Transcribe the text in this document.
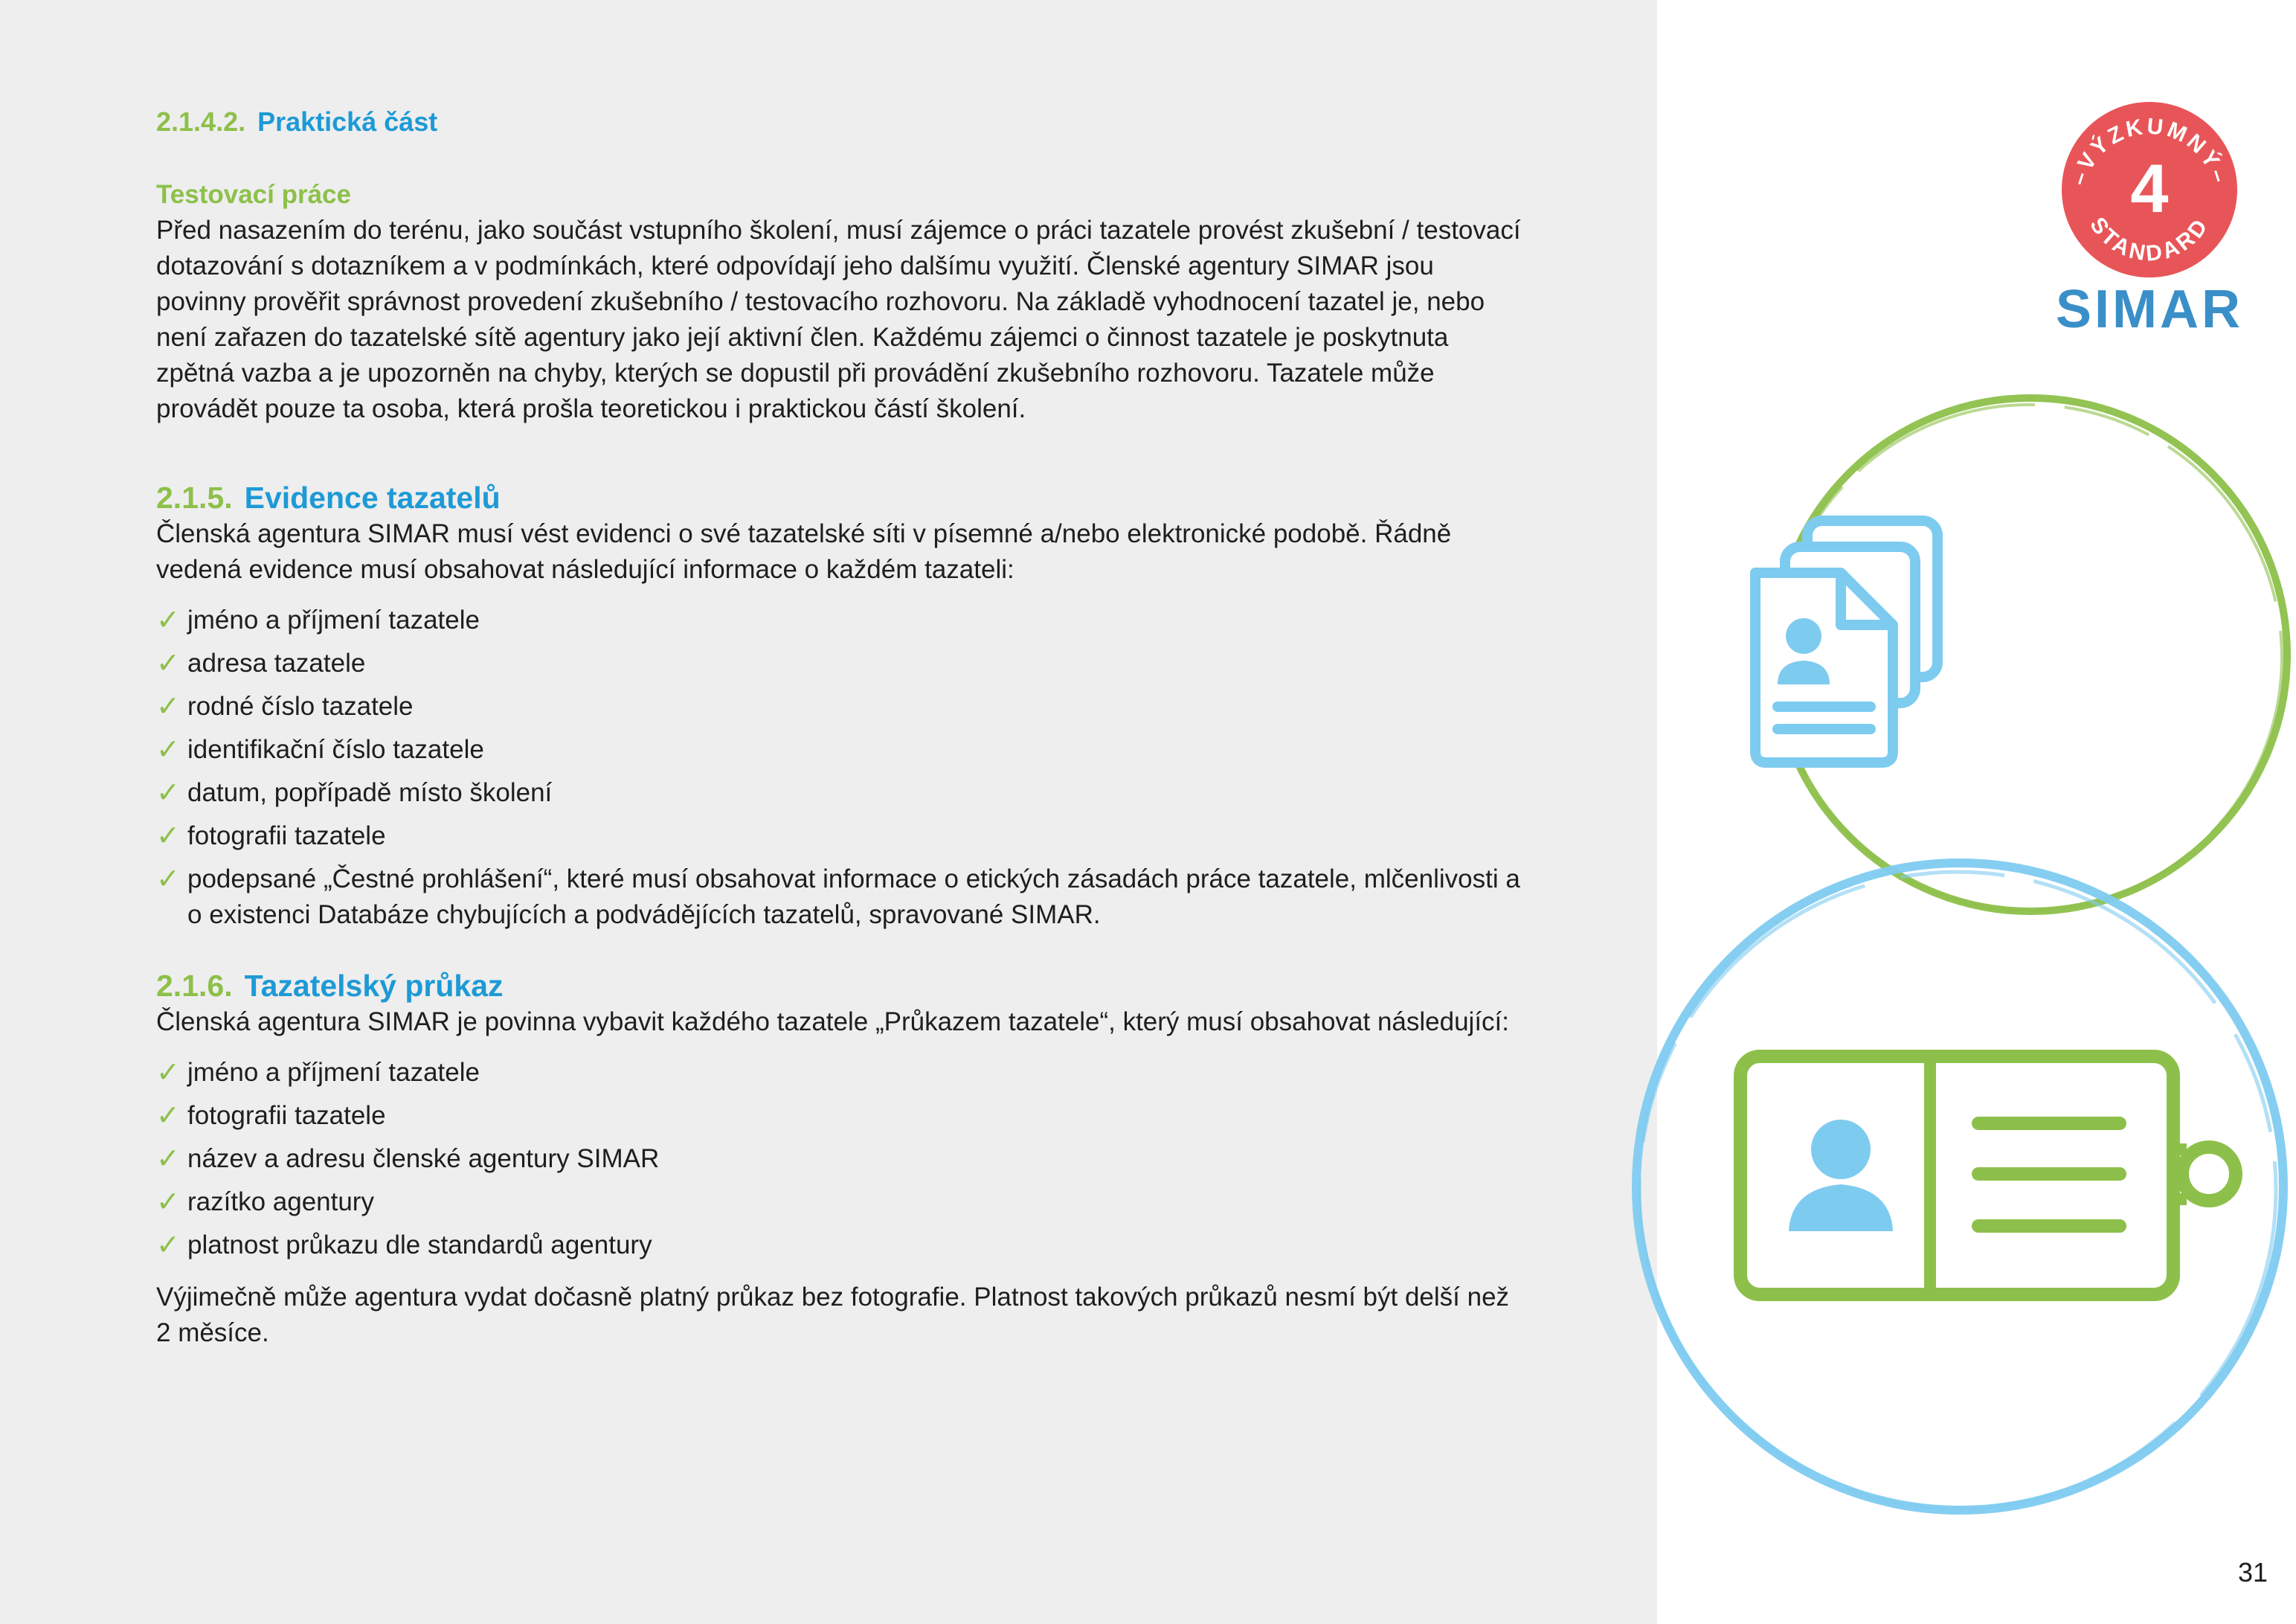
2.1.4.2. Praktická část
Testovací práce

Před nasazením do terénu, jako součást vstupního školení, musí zájemce o práci tazatele provést zkušební / testovací dotazování s dotazníkem a v podmínkách, které odpovídají jeho dalšímu využití. Členské agentury SIMAR jsou povinny prověřit správnost provedení zkušebního / testovacího rozhovoru. Na základě vyhodnocení tazatel je, nebo není zařazen do tazatelské sítě agentury jako její aktivní člen. Každému zájemci o činnost tazatele je poskytnuta zpětná vazba a je upozorněn na chyby, kterých se dopustil při provádění zkušebního rozhovoru. Tazatele může provádět pouze ta osoba, která prošla teoretickou i praktickou částí školení.

2.1.5. Evidence tazatelů

Členská agentura SIMAR musí vést evidenci o své tazatelské síti v písemné a/nebo elektronické podobě. Řádně vedená evidence musí obsahovat následující informace o každém tazateli:

✓ jméno a příjmení tazatele
✓ adresa tazatele
✓ rodné číslo tazatele
✓ identifikační číslo tazatele
✓ datum, popřípadě místo školení
✓ fotografii tazatele
✓ podepsané „Čestné prohlášení“, které musí obsahovat informace o etických zásadách práce tazatele, mlčenlivosti a o existenci Databáze chybujících a podvádějících tazatelů, spravované SIMAR.
2.1.6. Tazatelský průkaz

Členská agentura SIMAR je povinna vybavit každého tazatele „Průkazem tazatele“, který musí obsahovat následující:

✓ jméno a příjmení tazatele
✓ fotografii tazatele
✓ název a adresu členské agentury SIMAR
✓ razítko agentury
✓ platnost průkazu dle standardů agentury

Výjimečně může agentura vydat dočasně platný průkaz bez fotografie. Platnost takových průkazů nesmí být delší než 2 měsíce.

–VÝZKUMNÝ–
STANDARD
4
SIMAR
31
